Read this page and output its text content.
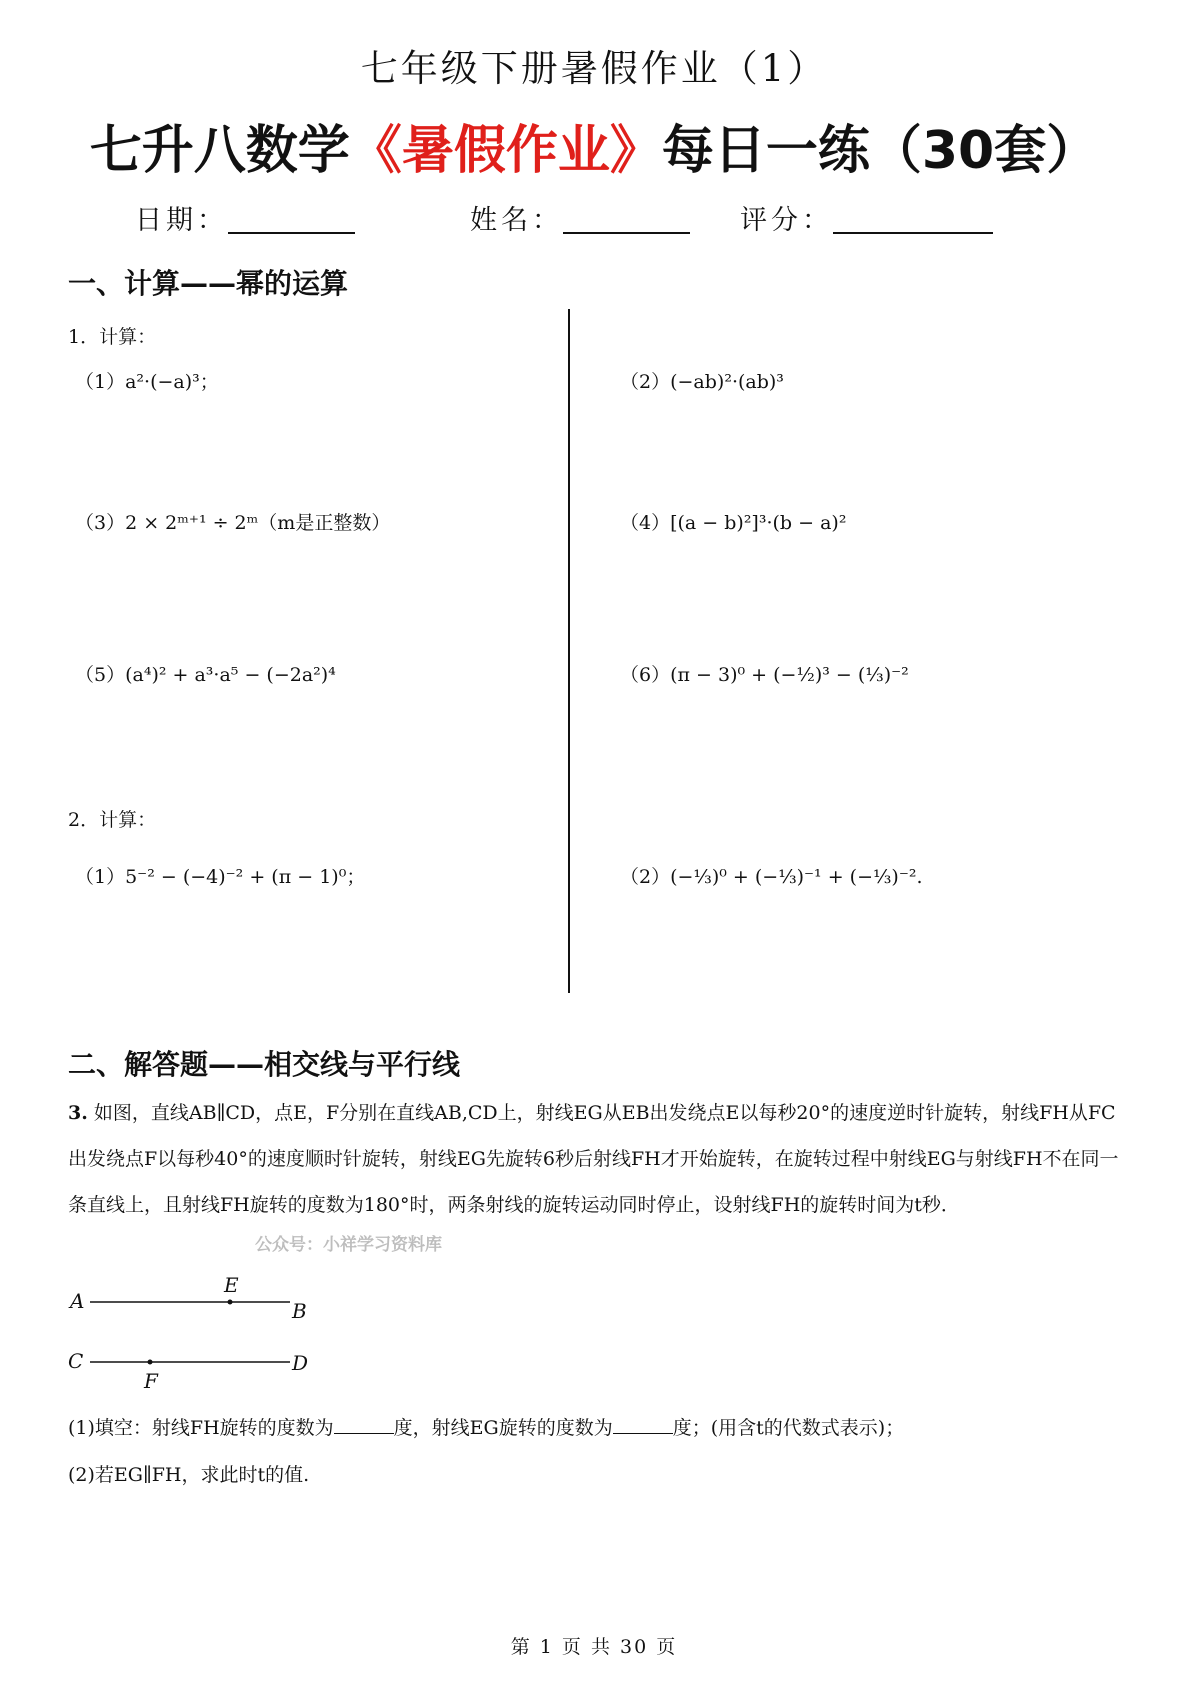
七年级下册暑假作业（1）
七升八数学《暑假作业》每日一练（30套）
日期：	姓名：	评分：
一、计算——幂的运算
1．计算：
（1）a²·(−a)³；	（2）(−ab)²·(ab)³
（3）2 × 2ᵐ⁺¹ ÷ 2ᵐ（m是正整数）	（4）[(a − b)²]³·(b − a)²
（5）(a⁴)² + a³·a⁵ − (−2a²)⁴	（6）(π − 3)⁰ + (−½)³ − (⅓)⁻²
2．计算：
（1）5⁻² − (−4)⁻² + (π − 1)⁰；	（2）(−⅓)⁰ + (−⅓)⁻¹ + (−⅓)⁻².
二、解答题——相交线与平行线
3. 如图，直线AB∥CD，点E，F分别在直线AB,CD上，射线EG从EB出发绕点E以每秒20°的速度逆时针旋转，射线FH从FC出发绕点F以每秒40°的速度顺时针旋转，射线EG先旋转6秒后射线FH才开始旋转，在旋转过程中射线EG与射线FH不在同一条直线上，且射线FH旋转的度数为180°时，两条射线的旋转运动同时停止，设射线FH的旋转时间为t秒．
公众号：小祥学习资料库
A	B
E
C	D
F
(1)填空：射线FH旋转的度数为	度，射线EG旋转的度数为	度；(用含t的代数式表示)；
(2)若EG∥FH，求此时t的值.
第 1 页 共 30 页
